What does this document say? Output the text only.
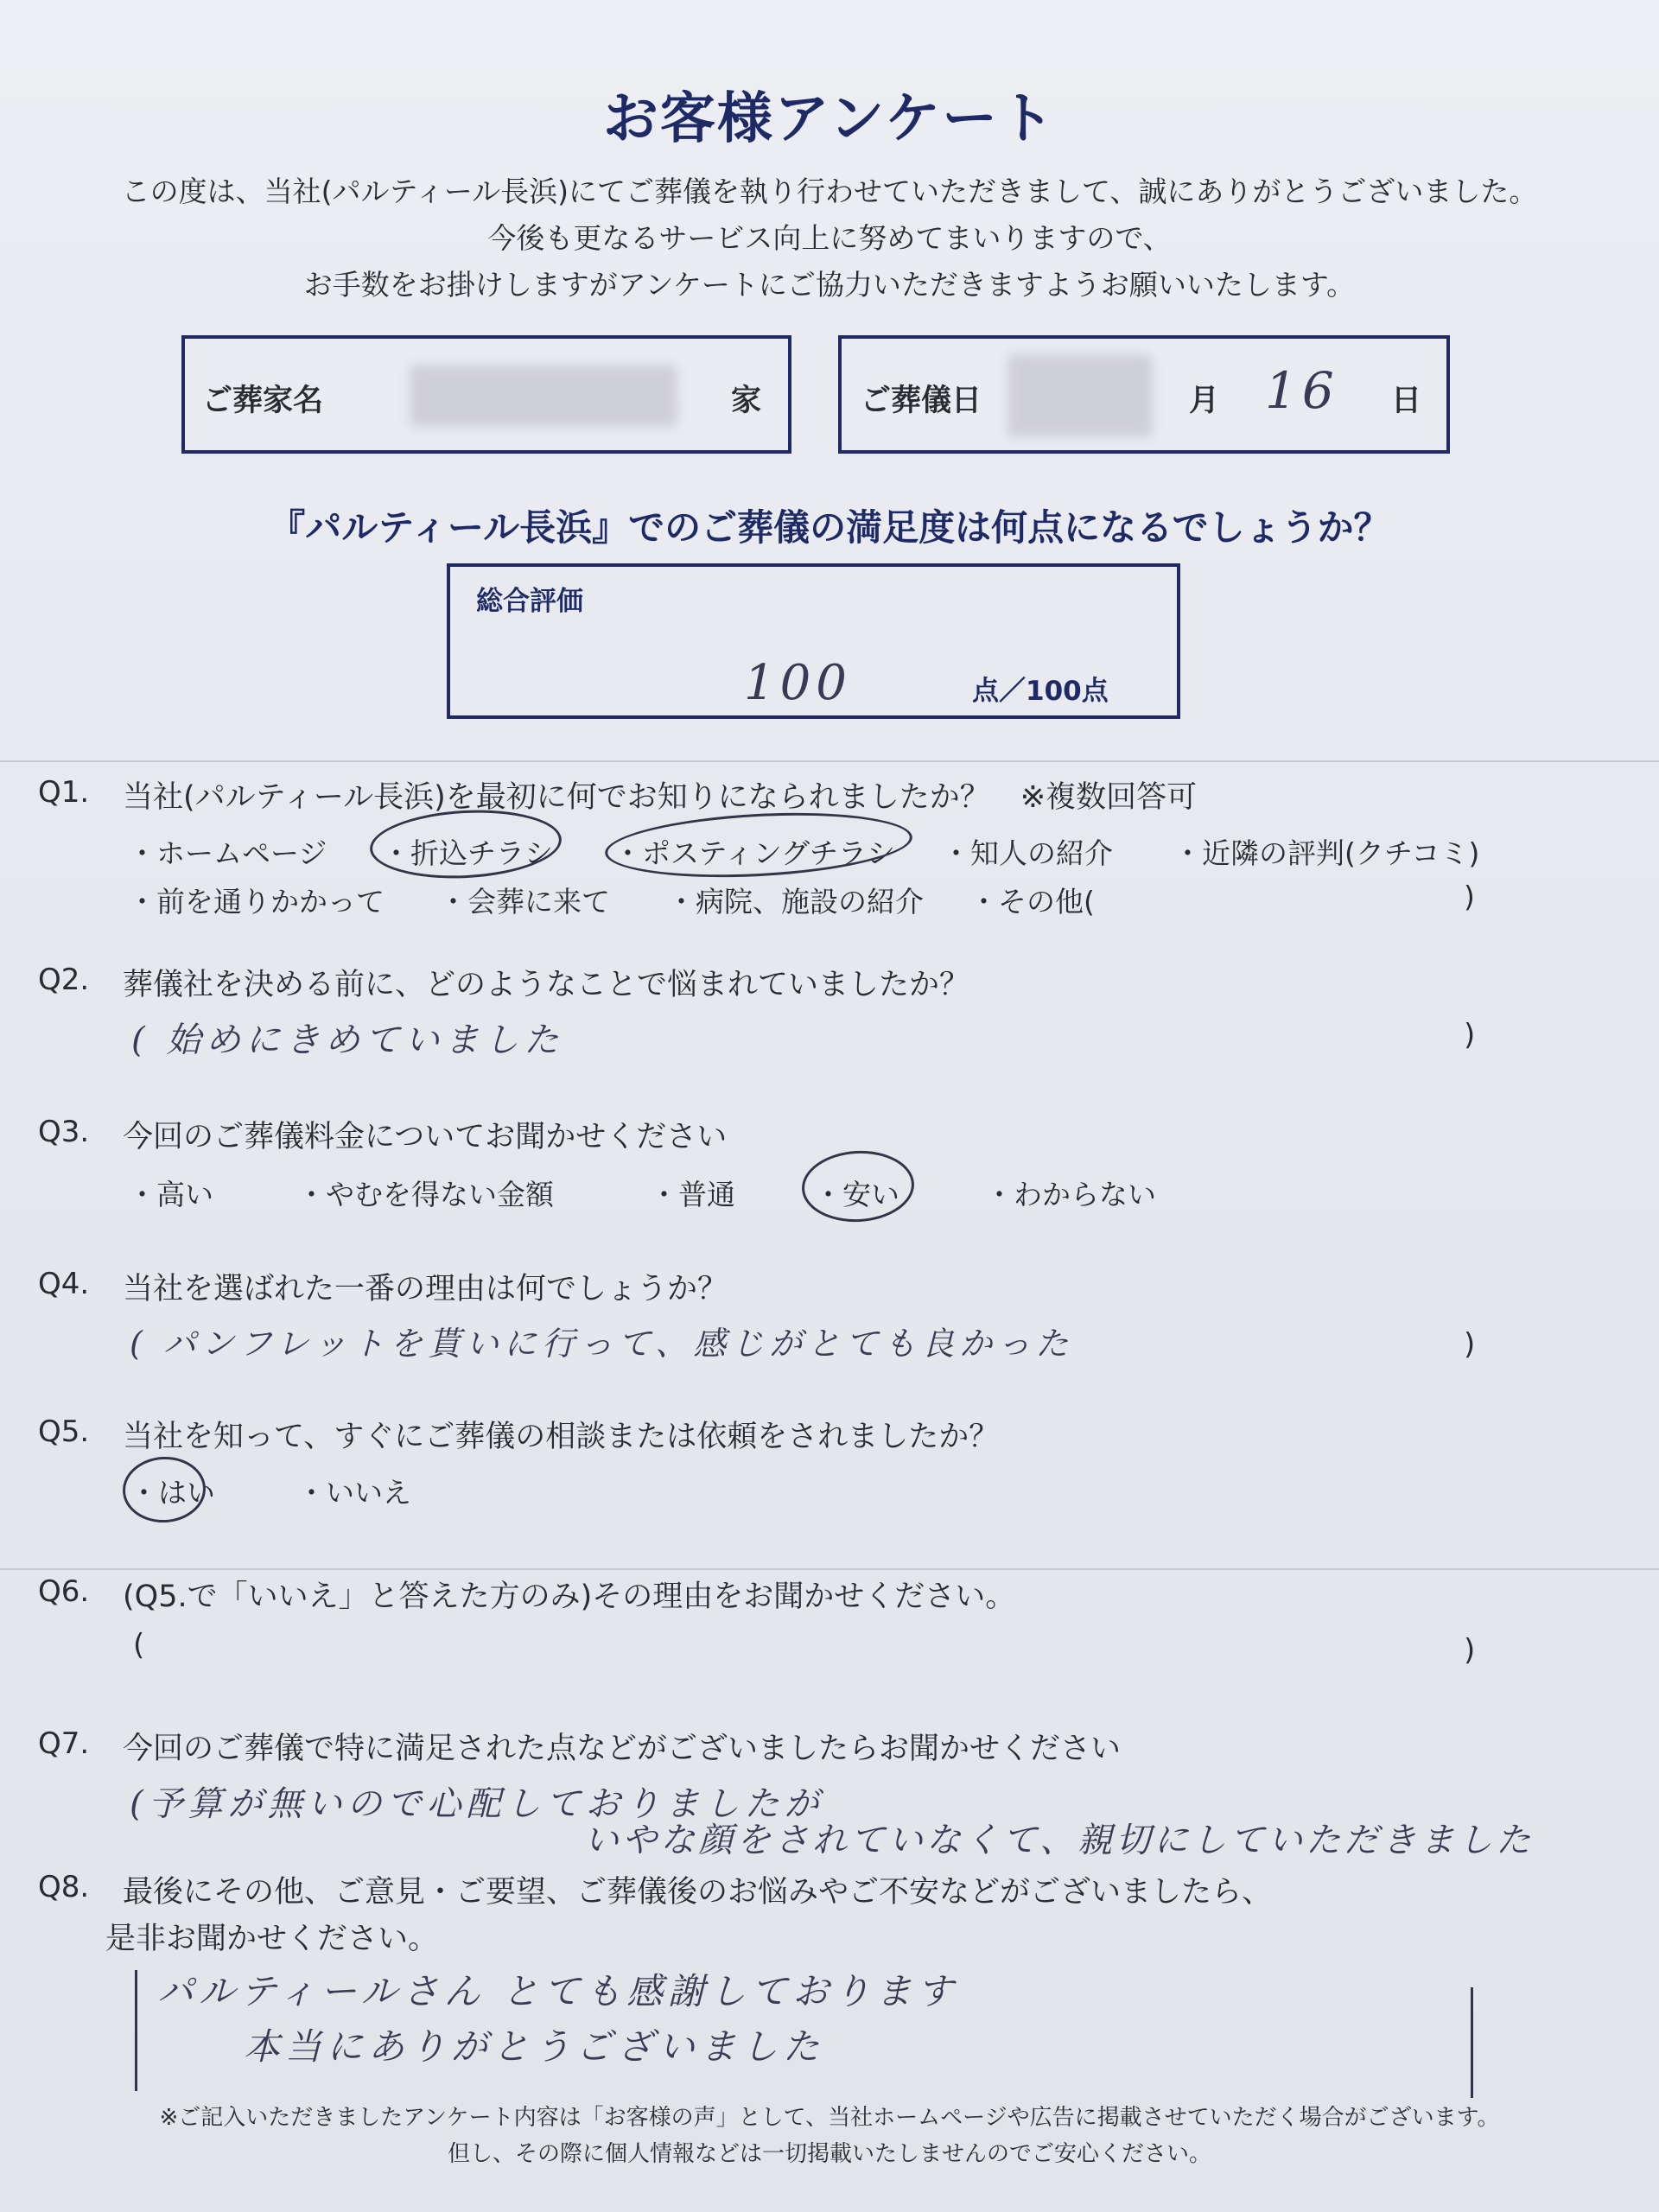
お客様アンケート
この度は、当社(パルティール長浜)にてご葬儀を執り行わせていただきまして、誠にありがとうございました。
今後も更なるサービス向上に努めてまいりますので、
お手数をお掛けしますがアンケートにご協力いただきますようお願いいたします。
ご葬家名	家	ご葬儀日	月 16 日
『パルティール長浜』でのご葬儀の満足度は何点になるでしょうか？
総合評価
100	点／100点
Q1. 当社(パルティール長浜)を最初に何でお知りになられましたか？　※複数回答可
・ホームページ ・折込チラシ ・ポスティングチラシ ・知人の紹介 ・近隣の評判(クチコミ)
・前を通りかかって ・会葬に来て ・病院、施設の紹介 ・その他(	)
Q2. 葬儀社を決める前に、どのようなことで悩まれていましたか？
( 始めにきめていました	)
Q3. 今回のご葬儀料金についてお聞かせください
・高い	・やむを得ない金額	・普通	・安い	・わからない
Q4. 当社を選ばれた一番の理由は何でしょうか？
( パンフレットを貰いに行って、感じがとても良かった	)
Q5. 当社を知って、すぐにご葬儀の相談または依頼をされましたか？
・はい	・いいえ
Q6. (Q5.で「いいえ」と答えた方のみ)その理由をお聞かせください。
(	)
Q7. 今回のご葬儀で特に満足された点などがございましたらお聞かせください
(予算が無いので心配しておりましたが
いやな顔をされていなくて、親切にしていただきました
Q8. 最後にその他、ご意見・ご要望、ご葬儀後のお悩みやご不安などがございましたら、
是非お聞かせください。
パルティールさん とても感謝しております
本当にありがとうございました
※ご記入いただきましたアンケート内容は「お客様の声」として、当社ホームページや広告に掲載させていただく場合がございます。
但し、その際に個人情報などは一切掲載いたしませんのでご安心ください。
